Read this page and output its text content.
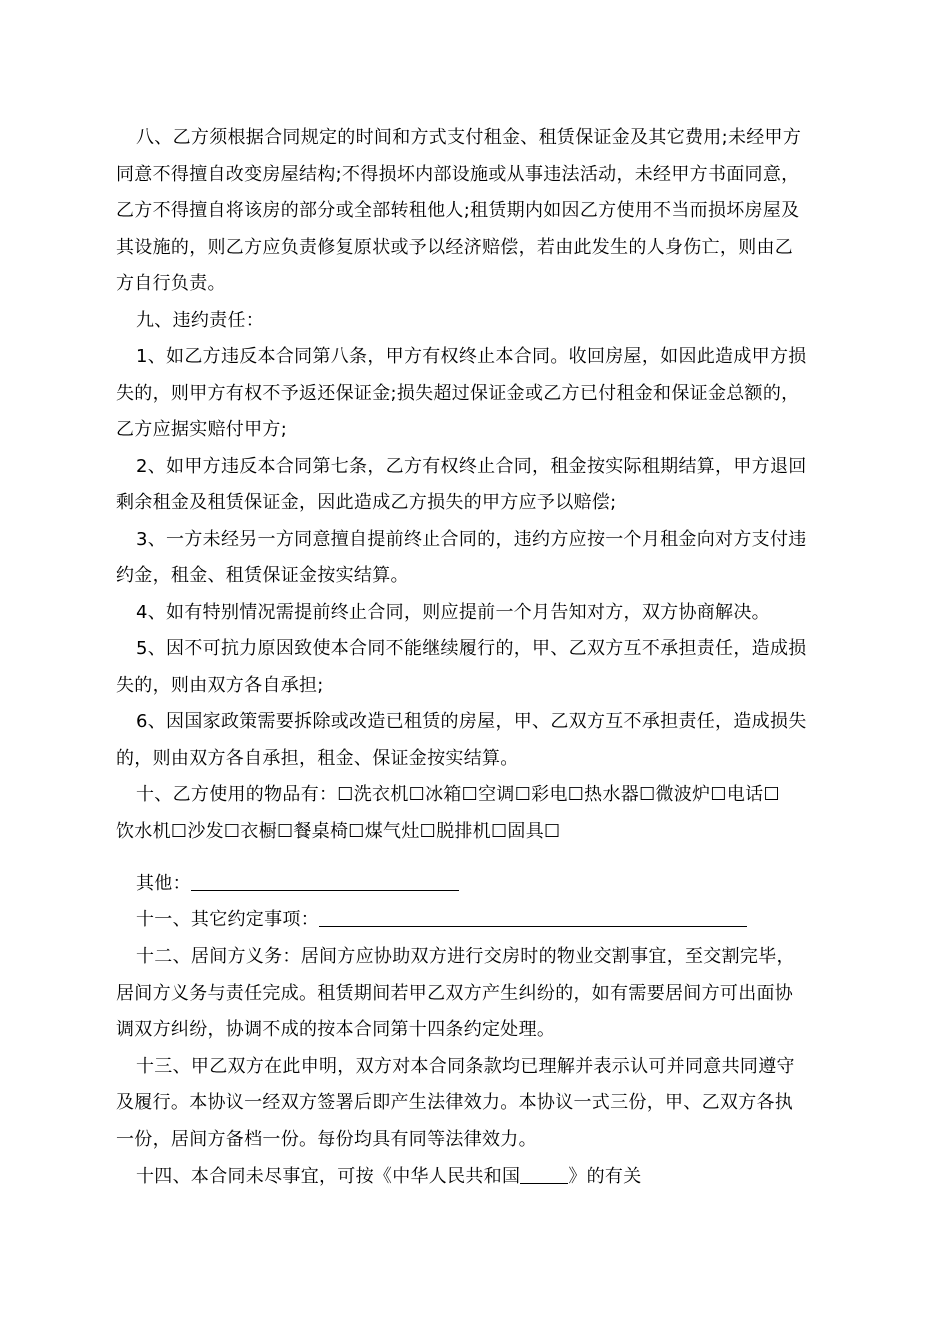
八、乙方须根据合同规定的时间和方式支付租金、租赁保证金及其它费用;未经甲方
同意不得擅自改变房屋结构;不得损坏内部设施或从事违法活动，未经甲方书面同意，
乙方不得擅自将该房的部分或全部转租他人;租赁期内如因乙方使用不当而损坏房屋及
其设施的，则乙方应负责修复原状或予以经济赔偿，若由此发生的人身伤亡，则由乙
方自行负责。
九、违约责任：
1、如乙方违反本合同第八条，甲方有权终止本合同。收回房屋，如因此造成甲方损
失的，则甲方有权不予返还保证金;损失超过保证金或乙方已付租金和保证金总额的，
乙方应据实赔付甲方;
2、如甲方违反本合同第七条，乙方有权终止合同，租金按实际租期结算，甲方退回
剩余租金及租赁保证金，因此造成乙方损失的甲方应予以赔偿;
3、一方未经另一方同意擅自提前终止合同的，违约方应按一个月租金向对方支付违
约金，租金、租赁保证金按实结算。
4、如有特别情况需提前终止合同，则应提前一个月告知对方，双方协商解决。
5、因不可抗力原因致使本合同不能继续履行的，甲、乙双方互不承担责任，造成损
失的，则由双方各自承担;
6、因国家政策需要拆除或改造已租赁的房屋，甲、乙双方互不承担责任，造成损失
的，则由双方各自承担，租金、保证金按实结算。
十、乙方使用的物品有：☐洗衣机☐冰箱☐空调☐彩电☐热水器☐微波炉☐电话☐
饮水机☐沙发☐衣橱☐餐桌椅☐煤气灶☐脱排机☐固具☐
其他：
十一、其它约定事项：
十二、居间方义务：居间方应协助双方进行交房时的物业交割事宜，至交割完毕，
居间方义务与责任完成。租赁期间若甲乙双方产生纠纷的，如有需要居间方可出面协
调双方纠纷，协调不成的按本合同第十四条约定处理。
十三、甲乙双方在此申明，双方对本合同条款均已理解并表示认可并同意共同遵守
及履行。本协议一经双方签署后即产生法律效力。本协议一式三份，甲、乙双方各执
一份，居间方备档一份。每份均具有同等法律效力。
十四、本合同未尽事宜，可按《中华人民共和国	》的有关
